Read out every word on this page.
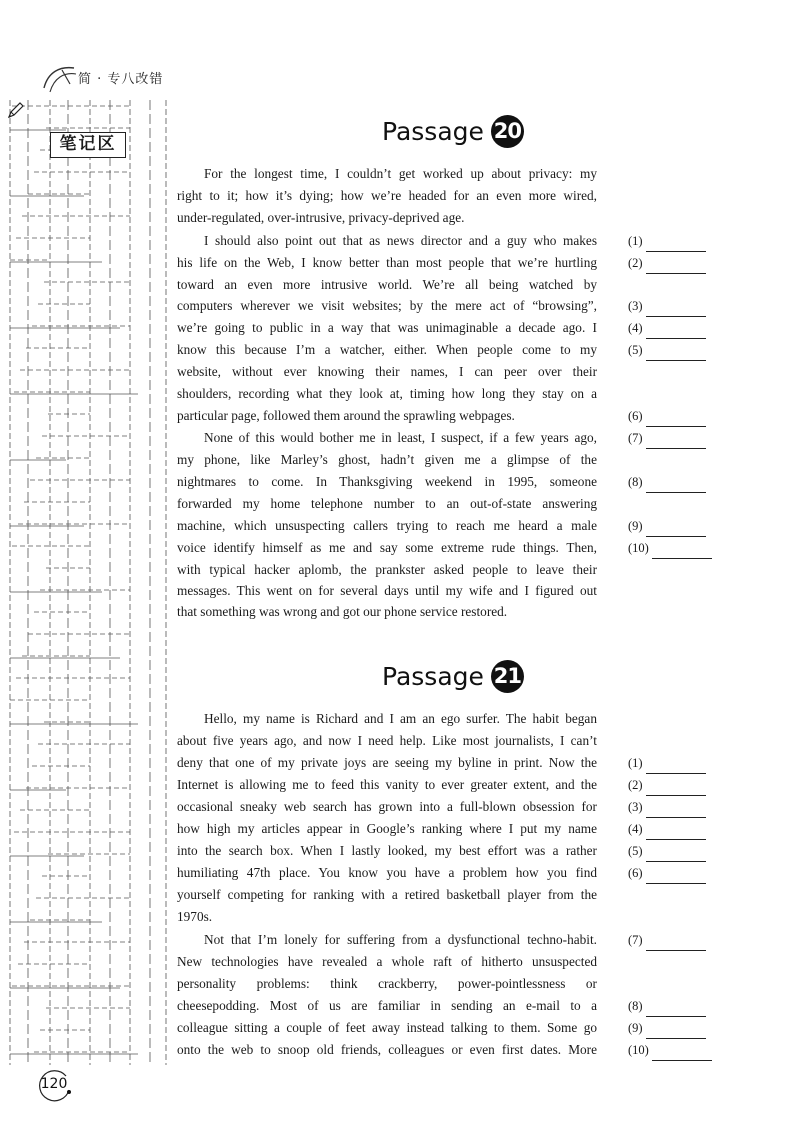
简 · 专八改错
笔记区	Passage 20
For the longest time, I couldn’t get worked up about privacy: my
right to it; how it’s dying; how we’re headed for an even more wired,
under-regulated, over-intrusive, privacy-deprived age.
I should also point out that as news director and a guy who makes
his life on the Web, I know better than most people that we’re hurtling
toward an even more intrusive world. We’re all being watched by
computers wherever we visit websites; by the mere act of “browsing”,
we’re going to public in a way that was unimaginable a decade ago. I
know this because I’m a watcher, either. When people come to my
website, without ever knowing their names, I can peer over their
shoulders, recording what they look at, timing how long they stay on a
particular page, followed them around the sprawling webpages.
None of this would bother me in least, I suspect, if a few years ago,
my phone, like Marley’s ghost, hadn’t given me a glimpse of the
nightmares to come. In Thanksgiving weekend in 1995, someone
forwarded my home telephone number to an out-of-state answering
machine, which unsuspecting callers trying to reach me heard a male
voice identify himself as me and say some extreme rude things. Then,
with typical hacker aplomb, the prankster asked people to leave their
messages. This went on for several days until my wife and I figured out
that something was wrong and got our phone service restored.
(1)
(2)
(3)
(4)
(5)
(6)
(7)
(8)
(9)
(10)
Passage 21
Hello, my name is Richard and I am an ego surfer. The habit began
about five years ago, and now I need help. Like most journalists, I can’t
deny that one of my private joys are seeing my byline in print. Now the
Internet is allowing me to feed this vanity to ever greater extent, and the
occasional sneaky web search has grown into a full-blown obsession for
how high my articles appear in Google’s ranking where I put my name
into the search box. When I lastly looked, my best effort was a rather
humiliating 47th place. You know you have a problem how you find
yourself competing for ranking with a retired basketball player from the
1970s.
Not that I’m lonely for suffering from a dysfunctional techno-habit.
New technologies have revealed a whole raft of hitherto unsuspected
personality problems: think crackberry, power-pointlessness or
cheesepodding. Most of us are familiar in sending an e-mail to a
colleague sitting a couple of feet away instead talking to them. Some go
onto the web to snoop old friends, colleagues or even first dates. More
(1)
(2)
(3)
(4)
(5)
(6)
(7)
(8)
(9)
(10)
120
